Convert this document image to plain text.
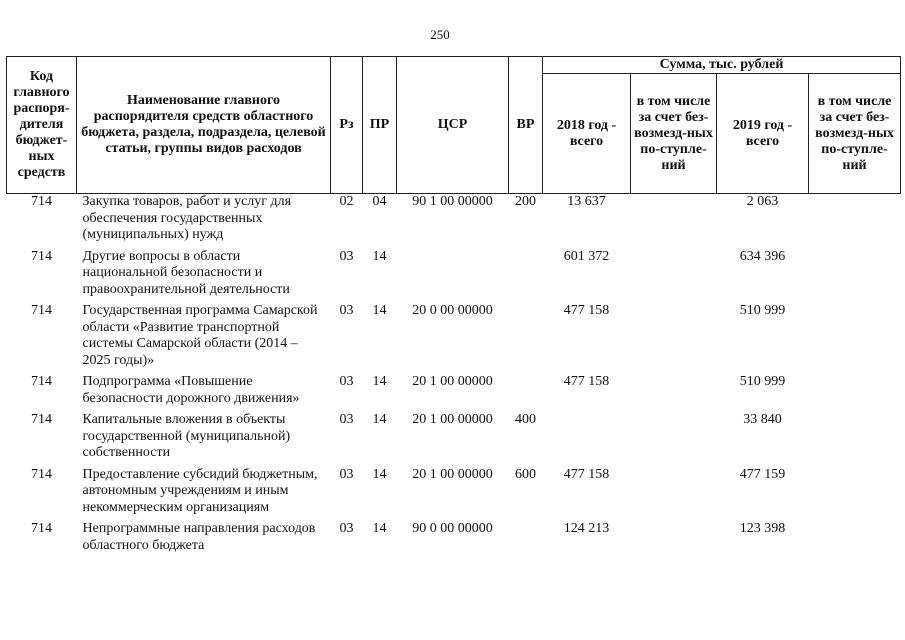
250
Код главного распоря-дителя бюджет-ных средств	Наименование главного распорядителя средств областного бюджета, раздела, подраздела, целевой статьи, группы видов расходов	Рз	ПР	ЦСР	ВР	Сумма, тыс. рублей			
						2018 год - всего	в том числе за счет без-возмезд-ных по-ступле-ний	2019 год - всего	в том числе за счет без-возмезд-ных по-ступле-ний
714	Закупка товаров, работ и услуг для обеспечения государственных (муниципальных) нужд	02	04	90 1 00 00000	200	13 637		2 063	
714	Другие вопросы в области национальной безопасности и правоохранительной деятельности	03	14			601 372		634 396	
714	Государственная программа Самарской области «Развитие транспортной системы Самарской области (2014 – 2025 годы)»	03	14	20 0 00 00000		477 158		510 999	
714	Подпрограмма «Повышение безопасности дорожного движения»	03	14	20 1 00 00000		477 158		510 999	
714	Капитальные вложения в объекты государственной (муниципальной) собственности	03	14	20 1 00 00000	400			33 840	
714	Предоставление субсидий бюджетным, автономным учреждениям и иным некоммерческим организациям	03	14	20 1 00 00000	600	477 158		477 159	
714	Непрограммные направления расходов областного бюджета	03	14	90 0 00 00000		124 213		123 398	
